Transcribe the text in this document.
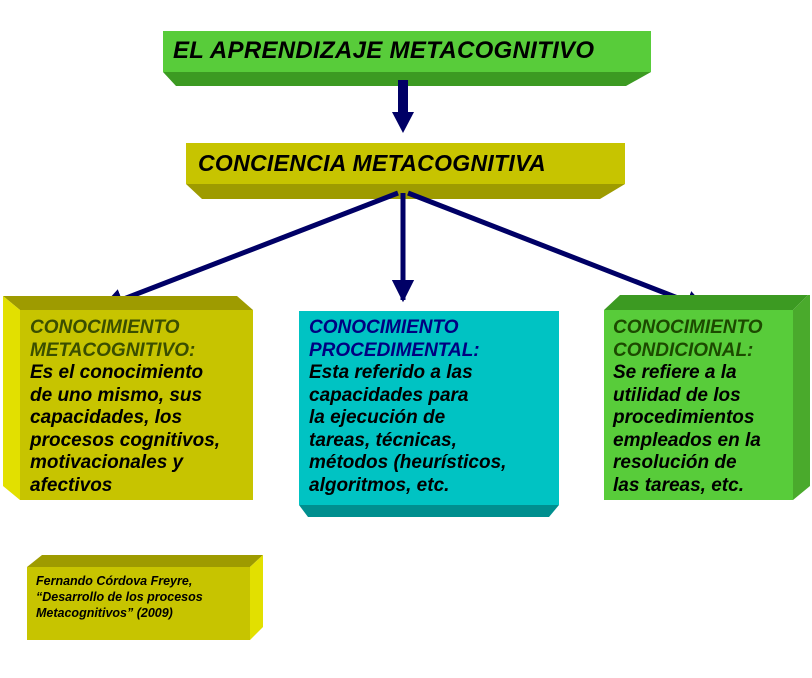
EL APRENDIZAJE METACOGNITIVO
CONCIENCIA METACOGNITIVA
CONOCIMIENTO
METACOGNITIVO:
Es el conocimiento
de uno mismo, sus
capacidades, los
procesos cognitivos,
motivacionales y
afectivos
CONOCIMIENTO
PROCEDIMENTAL:
Esta referido a las
capacidades para
la ejecución de
tareas, técnicas,
métodos (heurísticos,
algoritmos, etc.
CONOCIMIENTO
CONDICIONAL:
Se refiere a la
utilidad de los
procedimientos
empleados en la
resolución de
las tareas, etc.
Fernando Córdova Freyre,
“Desarrollo de los procesos
Metacognitivos” (2009)
